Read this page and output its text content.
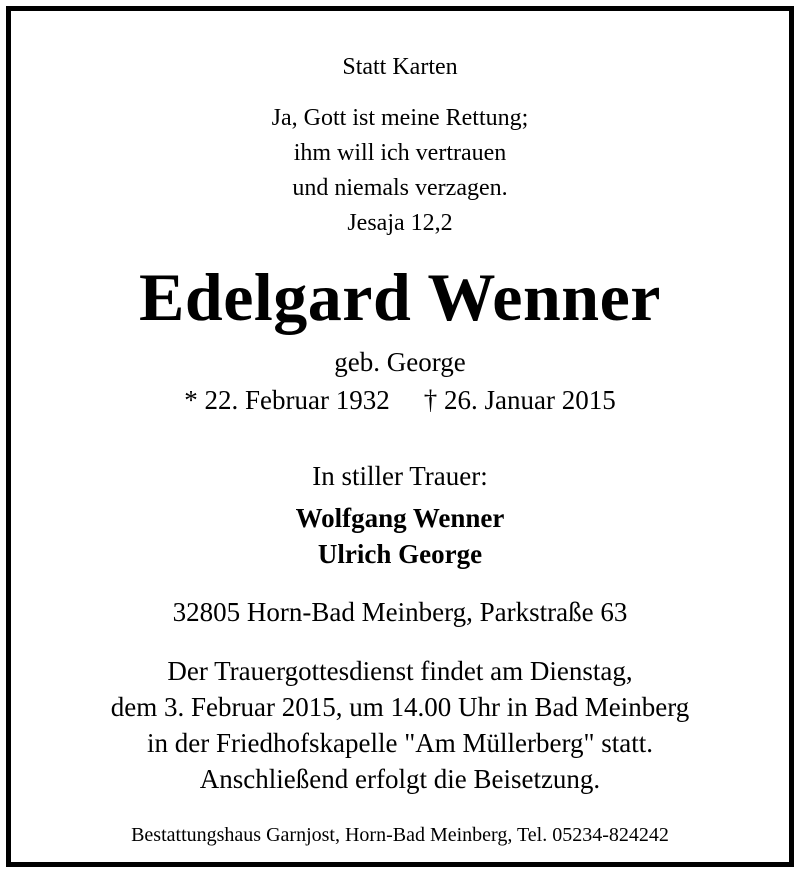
Statt Karten
Ja, Gott ist meine Rettung;
ihm will ich vertrauen
und niemals verzagen.
Jesaja 12,2
Edelgard Wenner
geb. George
* 22. Februar 1932 † 26. Januar 2015
In stiller Trauer:
Wolfgang Wenner
Ulrich George
32805 Horn-Bad Meinberg, Parkstraße 63
Der Trauergottesdienst findet am Dienstag,
dem 3. Februar 2015, um 14.00 Uhr in Bad Meinberg
in der Friedhofskapelle "Am Müllerberg" statt.
Anschließend erfolgt die Beisetzung.
Bestattungshaus Garnjost, Horn-Bad Meinberg, Tel. 05234-824242
